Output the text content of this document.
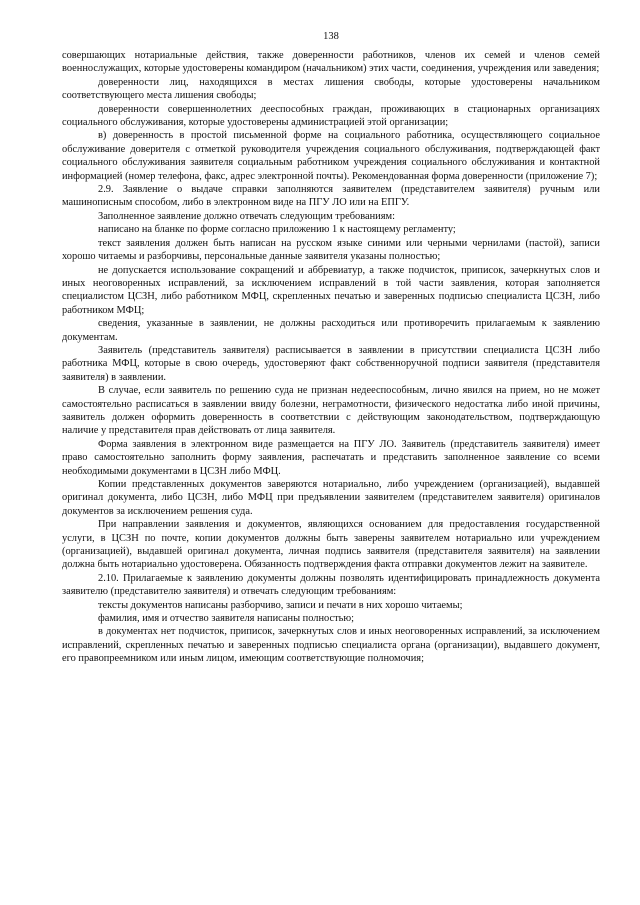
138

совершающих нотариальные действия, также доверенности работников, членов их семей и членов семей военнослужащих, которые удостоверены командиром (начальником) этих части, соединения, учреждения или заведения;

доверенности лиц, находящихся в местах лишения свободы, которые удостоверены начальником соответствующего места лишения свободы;

доверенности совершеннолетних дееспособных граждан, проживающих в стационарных организациях социального обслуживания, которые удостоверены администрацией этой организации;

в) доверенность в простой письменной форме на социального работника, осуществляющего социальное обслуживание доверителя с отметкой руководителя учреждения социального обслуживания, подтверждающей факт социального обслуживания заявителя социальным работником учреждения социального обслуживания и контактной информацией (номер телефона, факс, адрес электронной почты). Рекомендованная форма доверенности (приложение 7);

2.9. Заявление о выдаче справки заполняются заявителем (представителем заявителя) ручным или машинописным способом, либо в электронном виде на ПГУ ЛО или на ЕПГУ.

Заполненное заявление должно отвечать следующим требованиям:

написано на бланке по форме согласно приложению 1 к настоящему регламенту;

текст заявления должен быть написан на русском языке синими или черными чернилами (пастой), записи хорошо читаемы и разборчивы, персональные данные заявителя указаны полностью;

не допускается использование сокращений и аббревиатур, а также подчисток, приписок, зачеркнутых слов и иных неоговоренных исправлений, за исключением исправлений в той части заявления, которая заполняется специалистом ЦСЗН, либо работником МФЦ, скрепленных печатью и заверенных подписью специалиста ЦСЗН, либо работником МФЦ;

сведения, указанные в заявлении, не должны расходиться или противоречить прилагаемым к заявлению документам.

Заявитель (представитель заявителя) расписывается в заявлении в присутствии специалиста ЦСЗН либо работника МФЦ, которые в свою очередь, удостоверяют факт собственноручной подписи заявителя (представителя заявителя) в заявлении.

В случае, если заявитель по решению суда не признан недееспособным, лично явился на прием, но не может самостоятельно расписаться в заявлении ввиду болезни, неграмотности, физического недостатка либо иной причины, заявитель должен оформить доверенность в соответствии с действующим законодательством, подтверждающую наличие у представителя прав действовать от лица заявителя.

Форма заявления в электронном виде размещается на ПГУ ЛО. Заявитель (представитель заявителя) имеет право самостоятельно заполнить форму заявления, распечатать и представить заполненное заявление со всеми необходимыми документами в ЦСЗН либо МФЦ.

Копии представленных документов заверяются нотариально, либо учреждением (организацией), выдавшей оригинал документа, либо ЦСЗН, либо МФЦ при предъявлении заявителем (представителем заявителя) оригиналов документов за исключением решения суда.

При направлении заявления и документов, являющихся основанием для предоставления государственной услуги, в ЦСЗН по почте, копии документов должны быть заверены заявителем нотариально или учреждением (организацией), выдавшей оригинал документа, личная подпись заявителя (представителя заявителя) на заявлении должна быть нотариально удостоверена. Обязанность подтверждения факта отправки документов лежит на заявителе.

2.10. Прилагаемые к заявлению документы должны позволять идентифицировать принадлежность документа заявителю (представителю заявителя) и отвечать следующим требованиям:

тексты документов написаны разборчиво, записи и печати в них хорошо читаемы;

фамилия, имя и отчество заявителя написаны полностью;

в документах нет подчисток, приписок, зачеркнутых слов и иных неоговоренных исправлений, за исключением исправлений, скрепленных печатью и заверенных подписью специалиста органа (организации), выдавшего документ, его правопреемником или иным лицом, имеющим соответствующие полномочия;
